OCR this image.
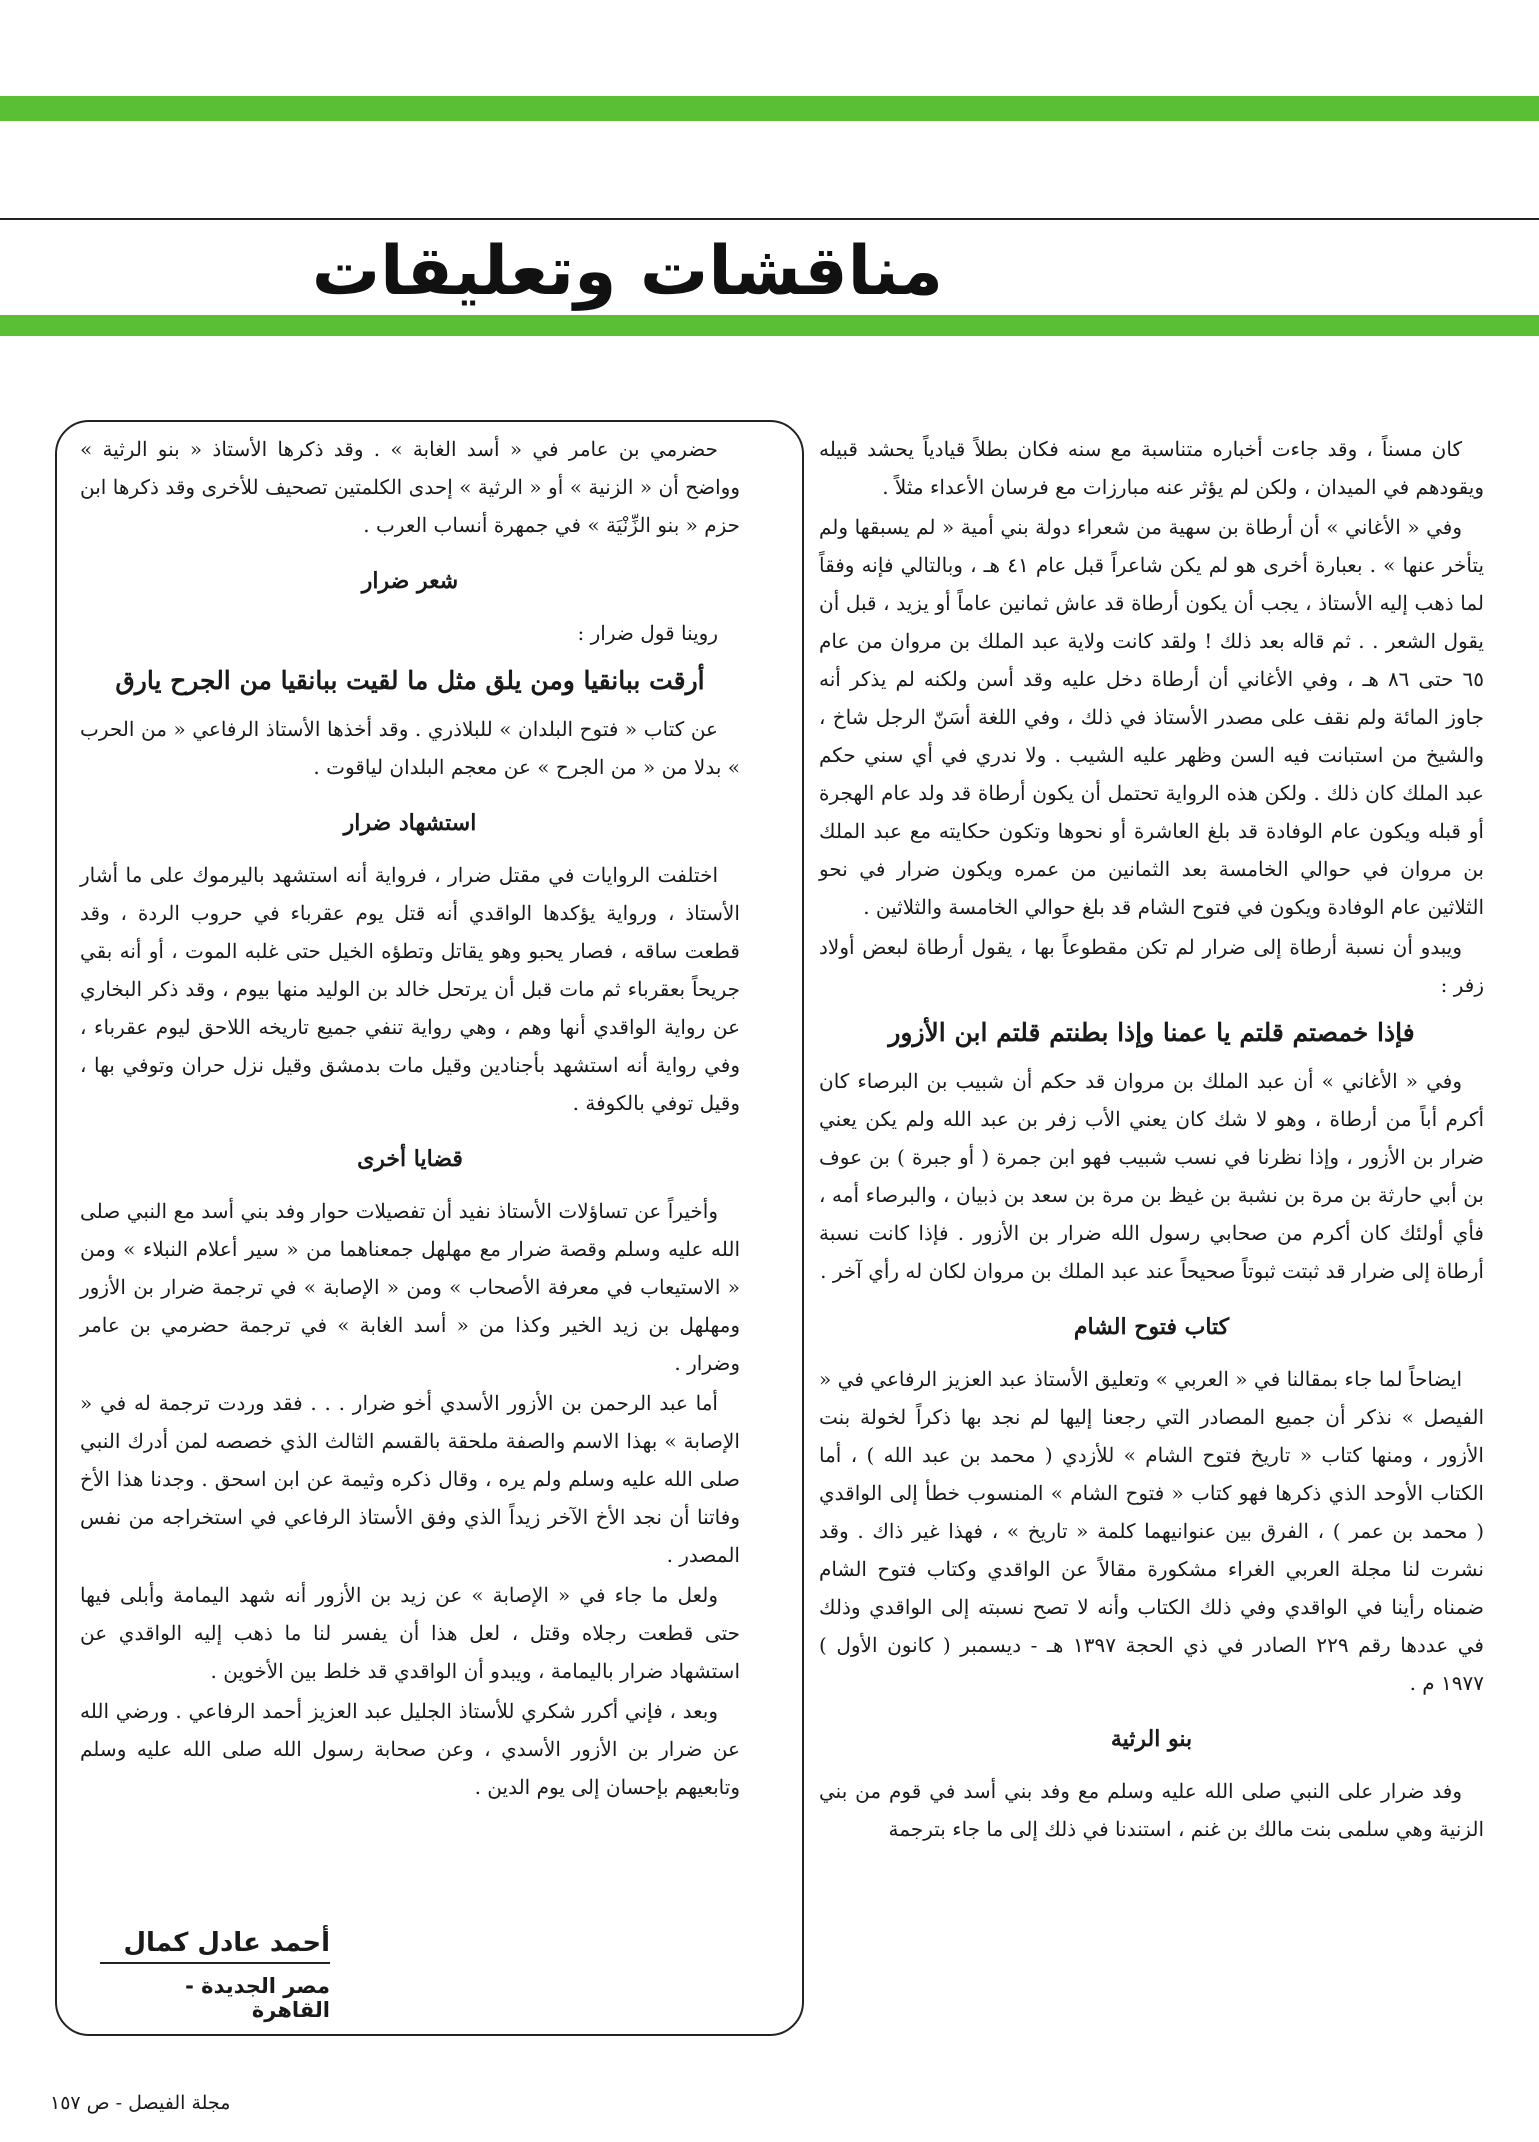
مناقشات وتعليقات

كان مسناً ، وقد جاءت أخباره متناسبة مع سنه فكان بطلاً قيادياً يحشد قبيله ويقودهم في الميدان ، ولكن لم يؤثر عنه مبارزات مع فرسان الأعداء مثلاً .

وفي « الأغاني » أن أرطاة بن سهية من شعراء دولة بني أمية « لم يسبقها ولم يتأخر عنها » . بعبارة أخرى هو لم يكن شاعراً قبل عام ٤١ هـ ، وبالتالي فإنه وفقاً لما ذهب إليه الأستاذ ، يجب أن يكون أرطاة قد عاش ثمانين عاماً أو يزيد ، قبل أن يقول الشعر . . ثم قاله بعد ذلك ! ولقد كانت ولاية عبد الملك بن مروان من عام ٦٥ حتى ٨٦ هـ ، وفي الأغاني أن أرطاة دخل عليه وقد أسن ولكنه لم يذكر أنه جاوز المائة ولم نقف على مصدر الأستاذ في ذلك ، وفي اللغة أسَنّ الرجل شاخ ، والشيخ من استبانت فيه السن وظهر عليه الشيب . ولا ندري في أي سني حكم عبد الملك كان ذلك . ولكن هذه الرواية تحتمل أن يكون أرطاة قد ولد عام الهجرة أو قبله ويكون عام الوفادة قد بلغ العاشرة أو نحوها وتكون حكايته مع عبد الملك بن مروان في حوالي الخامسة بعد الثمانين من عمره ويكون ضرار في نحو الثلاثين عام الوفادة ويكون في فتوح الشام قد بلغ حوالي الخامسة والثلاثين .

ويبدو أن نسبة أرطاة إلى ضرار لم تكن مقطوعاً بها ، يقول أرطاة لبعض أولاد زفر :

فإذا خمصتم قلتم يا عمنا وإذا بطنتم قلتم ابن الأزور

وفي « الأغاني » أن عبد الملك بن مروان قد حكم أن شبيب بن البرصاء كان أكرم أباً من أرطاة ، وهو لا شك كان يعني الأب زفر بن عبد الله ولم يكن يعني ضرار بن الأزور ، وإذا نظرنا في نسب شبيب فهو ابن جمرة ( أو جبرة ) بن عوف بن أبي حارثة بن مرة بن نشبة بن غيظ بن مرة بن سعد بن ذبيان ، والبرصاء أمه ، فأي أولئك كان أكرم من صحابي رسول الله ضرار بن الأزور . فإذا كانت نسبة أرطاة إلى ضرار قد ثبتت ثبوتاً صحيحاً عند عبد الملك بن مروان لكان له رأي آخر .

كتاب فتوح الشام

ايضاحاً لما جاء بمقالنا في « العربي » وتعليق الأستاذ عبد العزيز الرفاعي في « الفيصل » نذكر أن جميع المصادر التي رجعنا إليها لم نجد بها ذكراً لخولة بنت الأزور ، ومنها كتاب « تاريخ فتوح الشام » للأزدي ( محمد بن عبد الله ) ، أما الكتاب الأوحد الذي ذكرها فهو كتاب « فتوح الشام » المنسوب خطأ إلى الواقدي ( محمد بن عمر ) ، الفرق بين عنوانيهما كلمة « تاريخ » ، فهذا غير ذاك . وقد نشرت لنا مجلة العربي الغراء مشكورة مقالاً عن الواقدي وكتاب فتوح الشام ضمناه رأينا في الواقدي وفي ذلك الكتاب وأنه لا تصح نسبته إلى الواقدي وذلك في عددها رقم ٢٢٩ الصادر في ذي الحجة ١٣٩٧ هـ - ديسمبر ( كانون الأول ) ١٩٧٧ م .

بنو الرثية

وفد ضرار على النبي صلى الله عليه وسلم مع وفد بني أسد في قوم من بني الزنية وهي سلمى بنت مالك بن غنم ، استندنا في ذلك إلى ما جاء بترجمة

حضرمي بن عامر في « أسد الغابة » . وقد ذكرها الأستاذ « بنو الرثية » وواضح أن « الزنية » أو « الرثية » إحدى الكلمتين تصحيف للأخرى وقد ذكرها ابن حزم « بنو الزِّنْيَة » في جمهرة أنساب العرب .

شعر ضرار

روينا قول ضرار :

أرقت ببانقيا ومن يلق مثل ما لقيت ببانقيا من الجرح يارق

عن كتاب « فتوح البلدان » للبلاذري . وقد أخذها الأستاذ الرفاعي « من الحرب » بدلا من « من الجرح » عن معجم البلدان لياقوت .

استشهاد ضرار

اختلفت الروايات في مقتل ضرار ، فرواية أنه استشهد باليرموك على ما أشار الأستاذ ، ورواية يؤكدها الواقدي أنه قتل يوم عقرباء في حروب الردة ، وقد قطعت ساقه ، فصار يحبو وهو يقاتل وتطؤه الخيل حتى غلبه الموت ، أو أنه بقي جريحاً بعقرباء ثم مات قبل أن يرتحل خالد بن الوليد منها بيوم ، وقد ذكر البخاري عن رواية الواقدي أنها وهم ، وهي رواية تنفي جميع تاريخه اللاحق ليوم عقرباء ، وفي رواية أنه استشهد بأجنادين وقيل مات بدمشق وقيل نزل حران وتوفي بها ، وقيل توفي بالكوفة .

قضايا أخرى

وأخيراً عن تساؤلات الأستاذ نفيد أن تفصيلات حوار وفد بني أسد مع النبي صلى الله عليه وسلم وقصة ضرار مع مهلهل جمعناهما من « سير أعلام النبلاء » ومن « الاستيعاب في معرفة الأصحاب » ومن « الإصابة » في ترجمة ضرار بن الأزور ومهلهل بن زيد الخير وكذا من « أسد الغابة » في ترجمة حضرمي بن عامر وضرار .

أما عبد الرحمن بن الأزور الأسدي أخو ضرار . . . فقد وردت ترجمة له في « الإصابة » بهذا الاسم والصفة ملحقة بالقسم الثالث الذي خصصه لمن أدرك النبي صلى الله عليه وسلم ولم يره ، وقال ذكره وثيمة عن ابن اسحق . وجدنا هذا الأخ وفاتنا أن نجد الأخ الآخر زيداً الذي وفق الأستاذ الرفاعي في استخراجه من نفس المصدر .

ولعل ما جاء في « الإصابة » عن زيد بن الأزور أنه شهد اليمامة وأبلى فيها حتى قطعت رجلاه وقتل ، لعل هذا أن يفسر لنا ما ذهب إليه الواقدي عن استشهاد ضرار باليمامة ، ويبدو أن الواقدي قد خلط بين الأخوين .

وبعد ، فإني أكرر شكري للأستاذ الجليل عبد العزيز أحمد الرفاعي . ورضي الله عن ضرار بن الأزور الأسدي ، وعن صحابة رسول الله صلى الله عليه وسلم وتابعيهم بإحسان إلى يوم الدين .

أحمد عادل كمال
مصر الجديدة - القاهرة
مجلة الفيصل - ص ١٥٧
